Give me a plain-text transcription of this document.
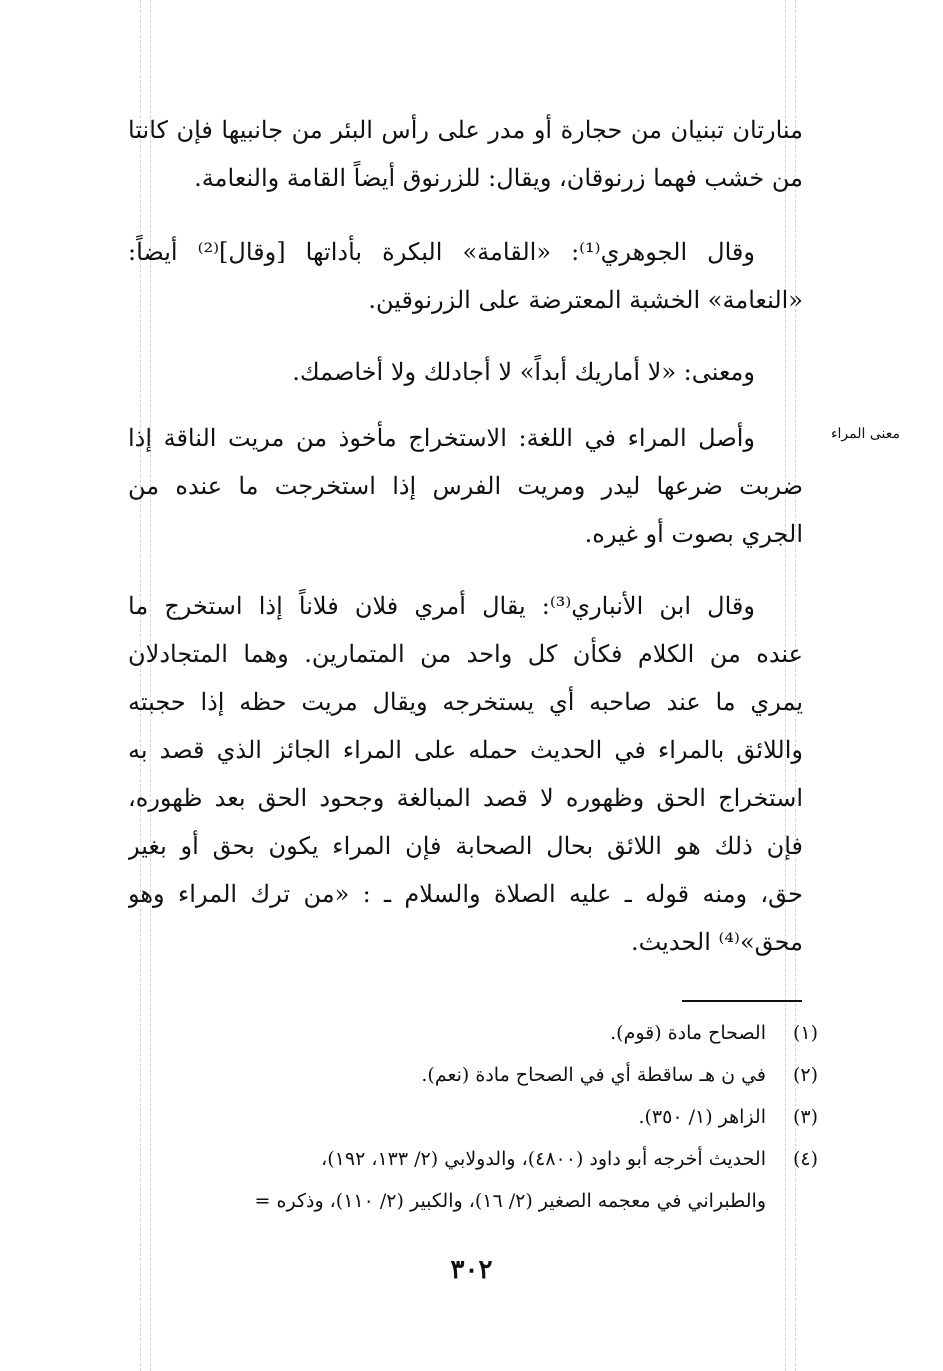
منارتان تبنيان من حجارة أو مدر على رأس البئر من جانبيها فإن كانتا
من خشب فهما زرنوقان، ويقال: للزرنوق أيضاً القامة والنعامة.
وقال الجوهري⁽¹⁾: «القامة» البكرة بأداتها [وقال]⁽²⁾ أيضاً:
«النعامة» الخشبة المعترضة على الزرنوقين.
ومعنى: «لا أماريك أبداً» لا أجادلك ولا أخاصمك.
معنى المراء
وأصل المراء في اللغة: الاستخراج مأخوذ من مريت الناقة إذا
ضربت ضرعها ليدر ومريت الفرس إذا استخرجت ما عنده من
الجري بصوت أو غيره.
وقال ابن الأنباري⁽³⁾: يقال أمري فلان فلاناً إذا استخرج ما
عنده من الكلام فكأن كل واحد من المتمارين. وهما المتجادلان
يمري ما عند صاحبه أي يستخرجه ويقال مريت حظه إذا حجبته
واللائق بالمراء في الحديث حمله على المراء الجائز الذي قصد به
استخراج الحق وظهوره لا قصد المبالغة وجحود الحق بعد ظهوره،
فإن ذلك هو اللائق بحال الصحابة فإن المراء يكون بحق أو بغير
حق، ومنه قوله ـ عليه الصلاة والسلام ـ : «من ترك المراء وهو
محق»⁽⁴⁾ الحديث.
(١)الصحاح مادة (قوم).
(٢)في ن هـ ساقطة أي في الصحاح مادة (نعم).
(٣)الزاهر (١/ ٣٥٠).
(٤)الحديث أخرجه أبو داود (٤٨٠٠)، والدولابي (٢/ ١٣٣، ١٩٢)،
والطبراني في معجمه الصغير (٢/ ١٦)، والكبير (٢/ ١١٠)، وذكره =
٣٠٢
